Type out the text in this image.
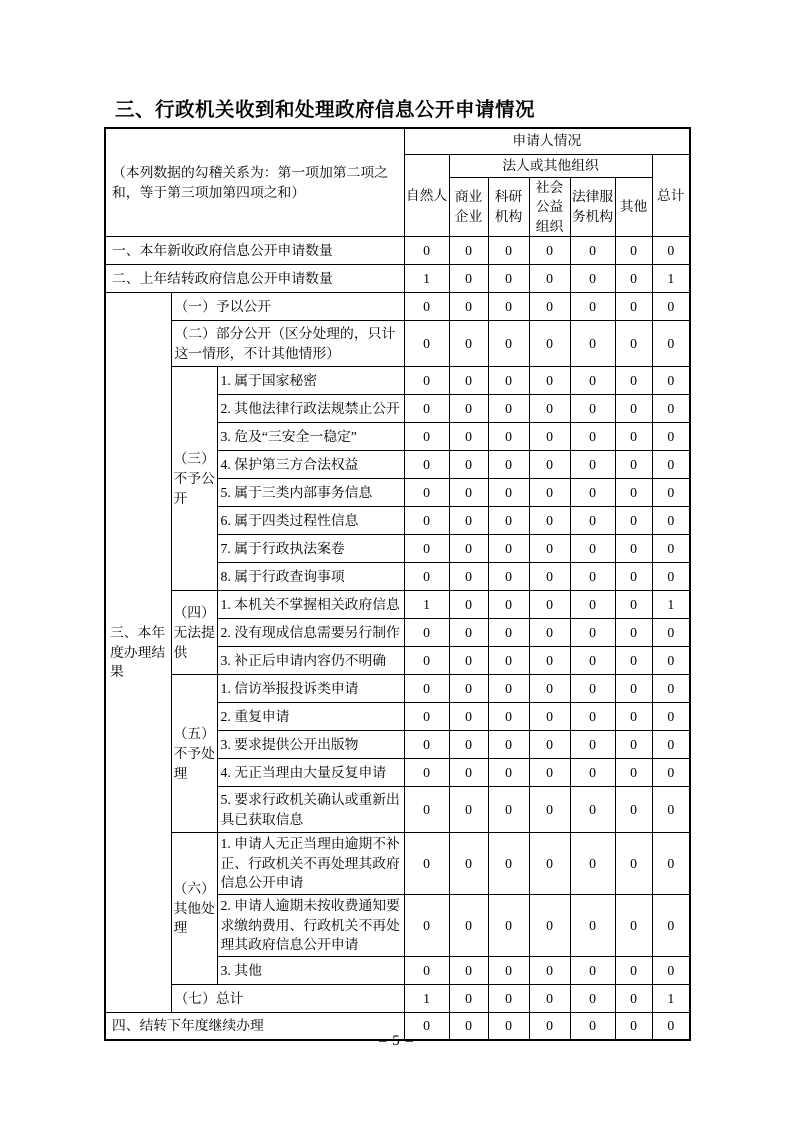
三、行政机关收到和处理政府信息公开申请情况
（本列数据的勾稽关系为：第一项加第二项之和，等于第三项加第四项之和）			申请人情况						
			自然人	法人或其他组织					总计
				商业企业	科研机构	社会公益组织	法律服务机构	其他	
一、本年新收政府信息公开申请数量			0	0	0	0	0	0	0
二、上年结转政府信息公开申请数量			1	0	0	0	0	0	1
三、本年度办理结果	（一）予以公开		0	0	0	0	0	0	0
	（二）部分公开（区分处理的，只计这一情形，不计其他情形）		0	0	0	0	0	0	0
	（三）不予公开	1. 属于国家秘密	0	0	0	0	0	0	0
		2. 其他法律行政法规禁止公开	0	0	0	0	0	0	0
		3. 危及“三安全一稳定”	0	0	0	0	0	0	0
		4. 保护第三方合法权益	0	0	0	0	0	0	0
		5. 属于三类内部事务信息	0	0	0	0	0	0	0
		6. 属于四类过程性信息	0	0	0	0	0	0	0
		7. 属于行政执法案卷	0	0	0	0	0	0	0
		8. 属于行政查询事项	0	0	0	0	0	0	0
	（四）无法提供	1. 本机关不掌握相关政府信息	1	0	0	0	0	0	1
		2. 没有现成信息需要另行制作	0	0	0	0	0	0	0
		3. 补正后申请内容仍不明确	0	0	0	0	0	0	0
	（五）不予处理	1. 信访举报投诉类申请	0	0	0	0	0	0	0
		2. 重复申请	0	0	0	0	0	0	0
		3. 要求提供公开出版物	0	0	0	0	0	0	0
		4. 无正当理由大量反复申请	0	0	0	0	0	0	0
		5. 要求行政机关确认或重新出具已获取信息	0	0	0	0	0	0	0
	（六）其他处理	1. 申请人无正当理由逾期不补正、行政机关不再处理其政府信息公开申请	0	0	0	0	0	0	0
		2. 申请人逾期未按收费通知要求缴纳费用、行政机关不再处理其政府信息公开申请	0	0	0	0	0	0	0
		3. 其他	0	0	0	0	0	0	0
	（七）总计		1	0	0	0	0	0	1
四、结转下年度继续办理			0	0	0	0	0	0	0
– 5 –
